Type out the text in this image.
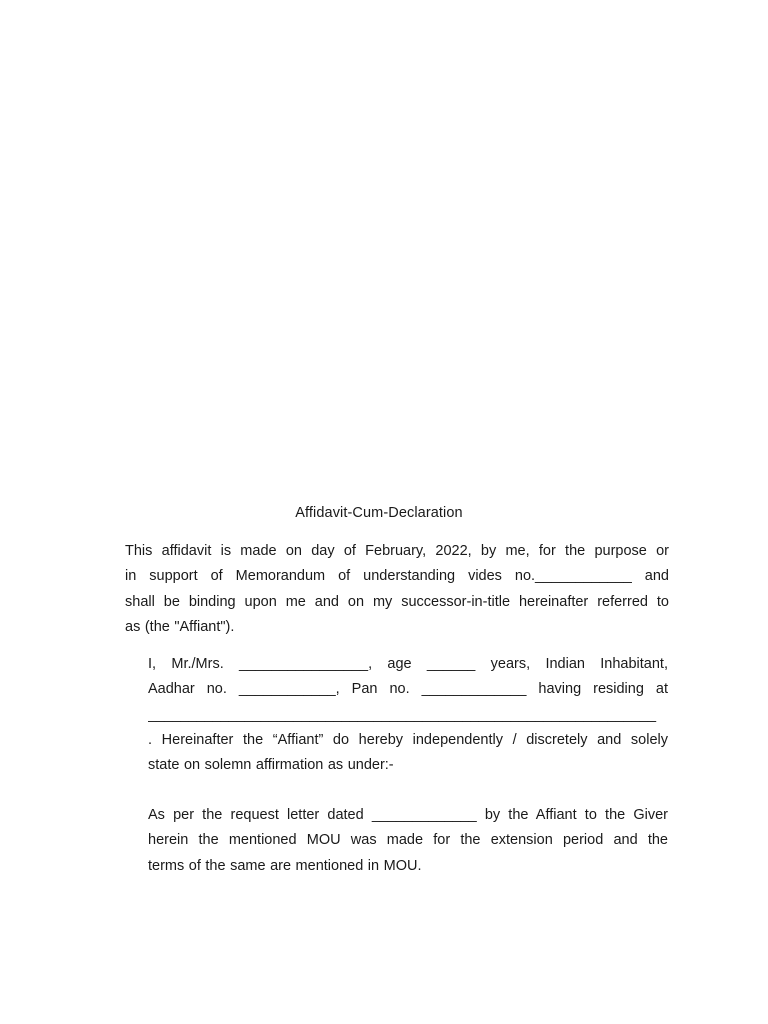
Affidavit-Cum-Declaration
This affidavit is made on day of February, 2022, by me, for the purpose or
in support of Memorandum of understanding vides no.____________ and
shall be binding upon me and on my successor-in-title hereinafter referred to
as (the "Affiant").
I, Mr./Mrs. ________________, age ______ years, Indian Inhabitant,
Aadhar no. ____________, Pan no. _____________ having residing at
_______________________________________________________________
. Hereinafter the “Affiant” do hereby independently / discretely and solely
state on solemn affirmation as under:-
As per the request letter dated _____________ by the Affiant to the Giver
herein the mentioned MOU was made for the extension period and the
terms of the same are mentioned in MOU.
